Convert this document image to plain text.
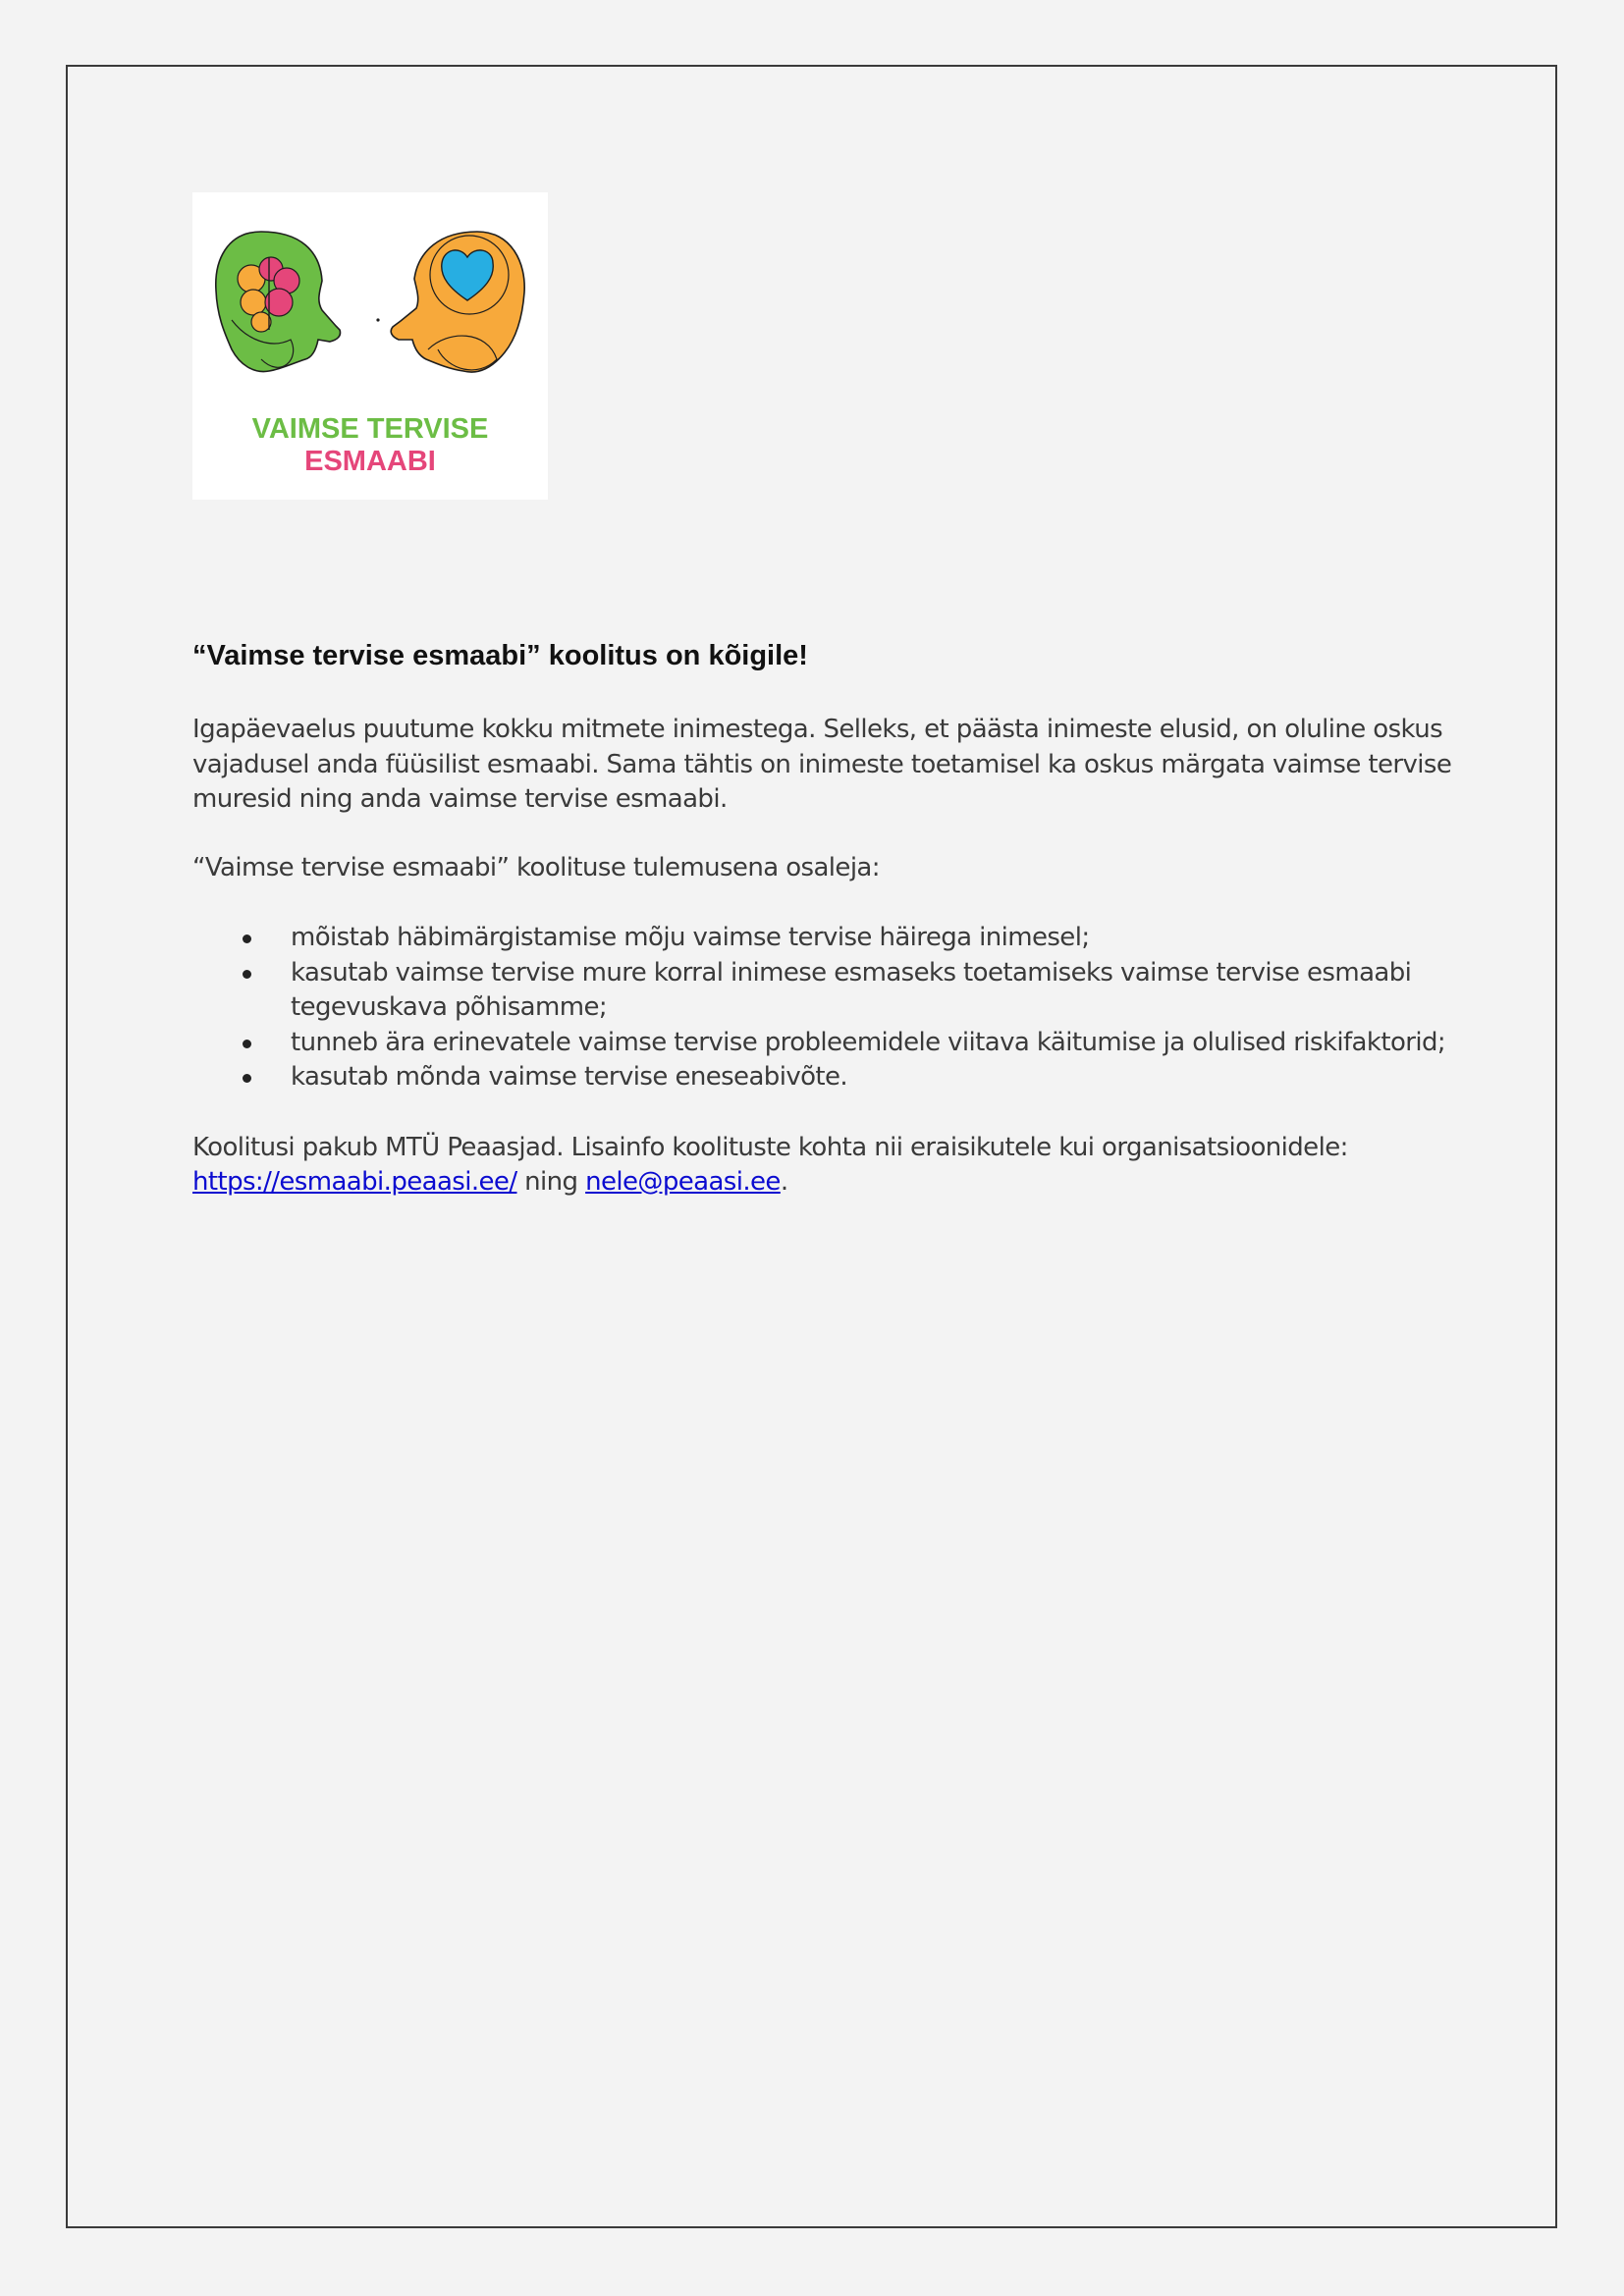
VAIMSE TERVISE
ESMAABI
“Vaimse tervise esmaabi” koolitus on kõigile!

Igapäevaelus puutume kokku mitmete inimestega. Selleks, et päästa inimeste elusid, on oluline oskus vajadusel anda füüsilist esmaabi. Sama tähtis on inimeste toetamisel ka oskus märgata vaimse tervise muresid ning anda vaimse tervise esmaabi.

“Vaimse tervise esmaabi” koolituse tulemusena osaleja:

mõistab häbimärgistamise mõju vaimse tervise häirega inimesel;
kasutab vaimse tervise mure korral inimese esmaseks toetamiseks vaimse tervise esmaabi tegevuskava põhisamme;
tunneb ära erinevatele vaimse tervise probleemidele viitava käitumise ja olulised riskifaktorid;
kasutab mõnda vaimse tervise eneseabivõte.

Koolitusi pakub MTÜ Peaasjad. Lisainfo koolituste kohta nii eraisikutele kui organisatsioonidele: https://esmaabi.peaasi.ee/ ning nele@peaasi.ee.
